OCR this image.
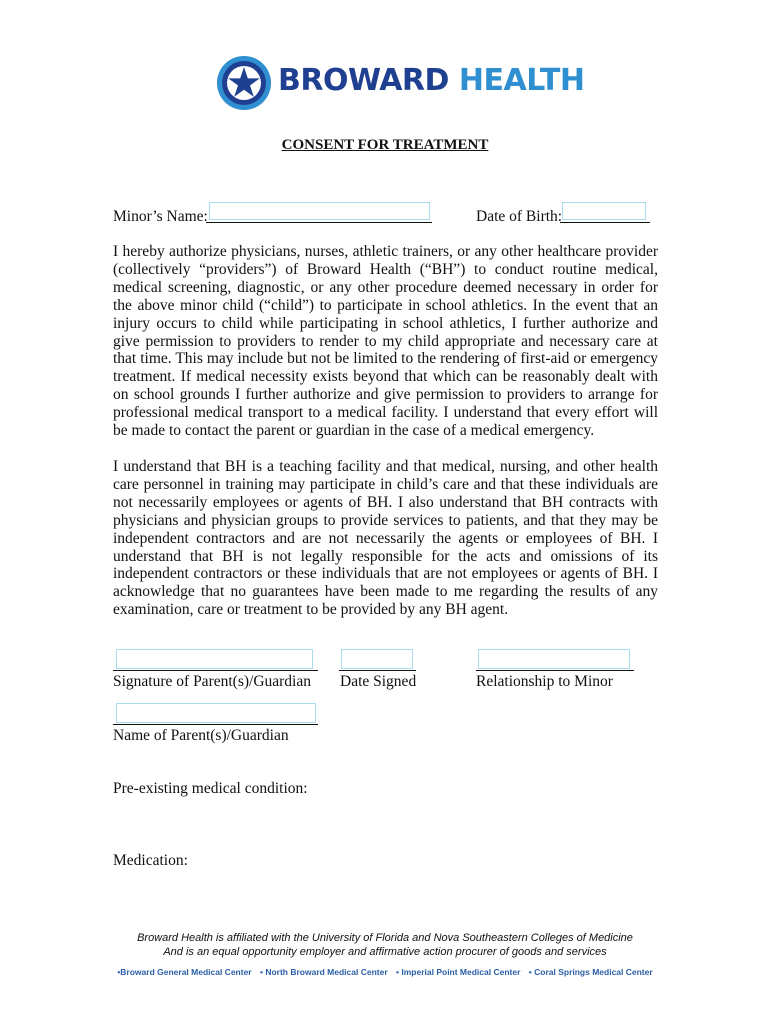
BROWARD HEALTH
CONSENT FOR TREATMENT
Minor’s Name:	Date of Birth:
I hereby authorize physicians, nurses, athletic trainers, or any other healthcare provider (collectively “providers”) of Broward Health (“BH”) to conduct routine medical, medical screening, diagnostic, or any other procedure deemed necessary in order for the above minor child (“child”) to participate in school athletics. In the event that an injury occurs to child while participating in school athletics, I further authorize and give permission to providers to render to my child appropriate and necessary care at that time. This may include but not be limited to the rendering of first-aid or emergency treatment. If medical necessity exists beyond that which can be reasonably dealt with on school grounds I further authorize and give permission to providers to arrange for professional medical transport to a medical facility. I understand that every effort will be made to contact the parent or guardian in the case of a medical emergency.
I understand that BH is a teaching facility and that medical, nursing, and other health care personnel in training may participate in child’s care and that these individuals are not necessarily employees or agents of BH. I also understand that BH contracts with physicians and physician groups to provide services to patients, and that they may be independent contractors and are not necessarily the agents or employees of BH. I understand that BH is not legally responsible for the acts and omissions of its independent contractors or these individuals that are not employees or agents of BH. I acknowledge that no guarantees have been made to me regarding the results of any examination, care or treatment to be provided by any BH agent.
Signature of Parent(s)/Guardian Date Signed	Relationship to Minor
Name of Parent(s)/Guardian
Pre-existing medical condition:
Medication:
Broward Health is affiliated with the University of Florida and Nova Southeastern Colleges of Medicine
And is an equal opportunity employer and affirmative action procurer of goods and services
•Broward General Medical Center • North Broward Medical Center • Imperial Point Medical Center • Coral Springs Medical Center
